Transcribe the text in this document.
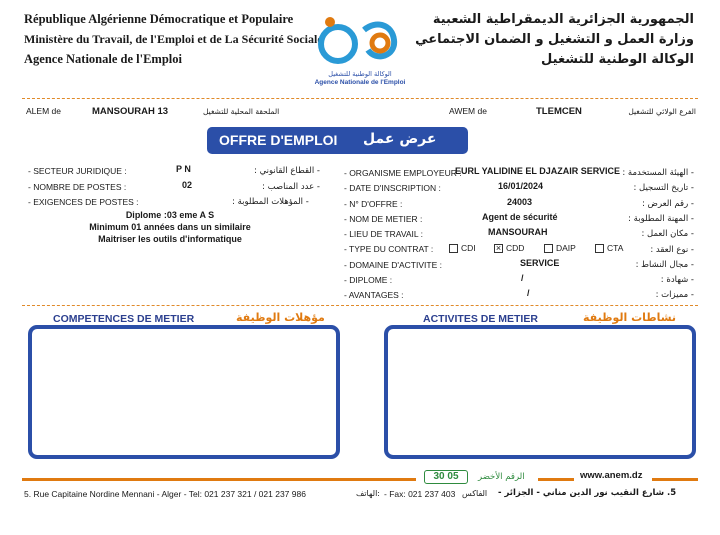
République Algérienne Démocratique et Populaire
Ministère du Travail, de l'Emploi et de La Sécurité Sociale
Agence Nationale de l'Emploi
الوكالة الوطنية للتشغيل
Agence Nationale de l'Emploi
الجمهورية الجزائرية الديمقراطية الشعبية
وزارة العمل و التشغيل و الضمان الاجتماعي
الوكالة الوطنية للتشغيل
ALEM de	MANSOURAH 13	الملحقة المحلية للتشغيل	AWEM de	TLEMCEN	الفرع الولائي للتشغيل
OFFRE D'EMPLOI عرض عمل
- SECTEUR JURIDIQUE :	P N	- القطاع القانوني :
- NOMBRE DE POSTES :	02	- عدد المناصب :
- EXIGENCES DE POSTES :	- المؤهلات المطلوبة :
Diplome :03 eme A S
Minimum 01 années dans un similaire
Maitriser les outils d'informatique
- ORGANISME EMPLOYEUR :
EURL YALIDINE EL DJAZAIR SERVICE - الهيئة المستخدمة :
- DATE D'INSCRIPTION :	16/01/2024	- تاريخ التسجيل :
- N° D'OFFRE :	24003	- رقم العرض :
- NOM DE METIER :	Agent de sécurité	- المهنة المطلوبة :
- LIEU DE TRAVAIL :	MANSOURAH	- مكان العمل :
- TYPE DU CONTRAT :	CDI × CDD	DAIP	CTA	- نوع العقد :
- DOMAINE D'ACTIVITE :	SERVICE	- مجال النشاط :
- DIPLOME :	/	- شهادة :
- AVANTAGES :	/	- مميزات :
COMPETENCES DE METIER	مؤهلات الوظيفة	ACTIVITES DE METIER	نشاطات الوظيفة
30 05	الرقم الأخضر	www.anem.dz
5. Rue Capitaine Nordine Mennani - Alger - Tel: 021 237 321 / 021 237 986	:الهاتف - Fax: 021 237 403 الفاكس 5. شارع النقيب نور الدين مناني - الجزائر -
